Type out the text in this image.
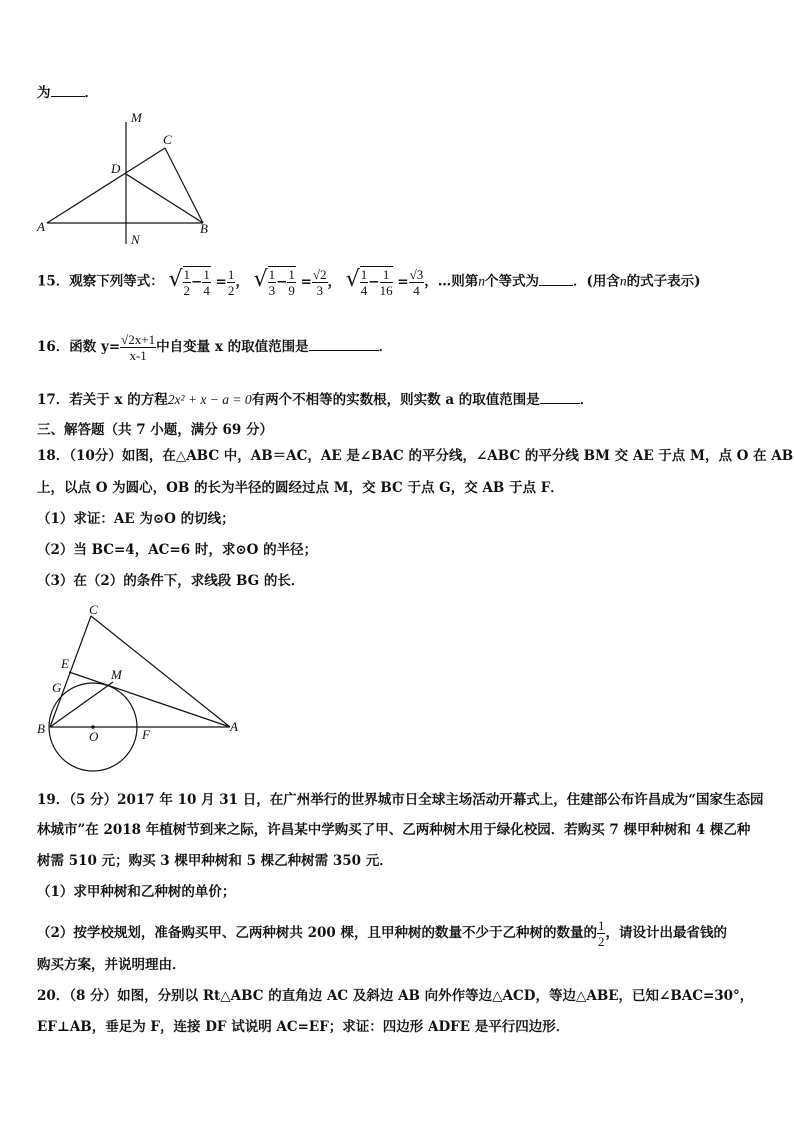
为	．
M
C
D
A	B
N
15．观察下列等式： √ $\frac{1}{2} - \frac{1}{4} = \frac{1}{2}$ ， √ $\frac{1}{3} - \frac{1}{9} = \frac{√2}{3}$ ， √ $\frac{1}{4} - \frac{1}{16} = \frac{√3}{4}$ ，…则第n个等式为	．(用含n的式子表示)
16．函数 $y= \frac{√2x+1}{x-1}$ 中自变量 x 的取值范围是	．
17．若关于 x 的方程2x² + x − a = 0有两个不相等的实数根，则实数 a 的取值范围是	．
三、解答题（共 7 小题，满分 69 分）
18．（10分）如图，在△ABC 中，AB＝AC，AE 是∠BAC 的平分线，∠ABC 的平分线 BM 交 AE 于点 M，点 O 在 AB
上，以点 O 为圆心，OB 的长为半径的圆经过点 M，交 BC 于点 G，交 AB 于点 F．
（1）求证：AE 为⊙O 的切线；
（2）当 BC=4，AC=6 时，求⊙O 的半径；
（3）在（2）的条件下，求线段 BG 的长．
C
E
G
M
B
O	F
A
19．（5 分）2017 年 10 月 31 日，在广州举行的世界城市日全球主场活动开幕式上，住建部公布许昌成为“国家生态园
林城市”在 2018 年植树节到来之际，许昌某中学购买了甲、乙两种树木用于绿化校园．若购买 7 棵甲种树和 4 棵乙种
树需 510 元；购买 3 棵甲种树和 5 棵乙种树需 350 元．
（1）求甲种树和乙种树的单价；
（2）按学校规划，准备购买甲、乙两种树共 200 棵，且甲种树的数量不少于乙种树的数量的 $\frac{1}{2}$ ，请设计出最省钱的
购买方案，并说明理由．
20．（8 分）如图，分别以 Rt△ABC 的直角边 AC 及斜边 AB 向外作等边△ACD，等边△ABE，已知∠BAC=30°，
EF⊥AB，垂足为 F，连接 DF 试说明 AC=EF；求证：四边形 ADFE 是平行四边形．
